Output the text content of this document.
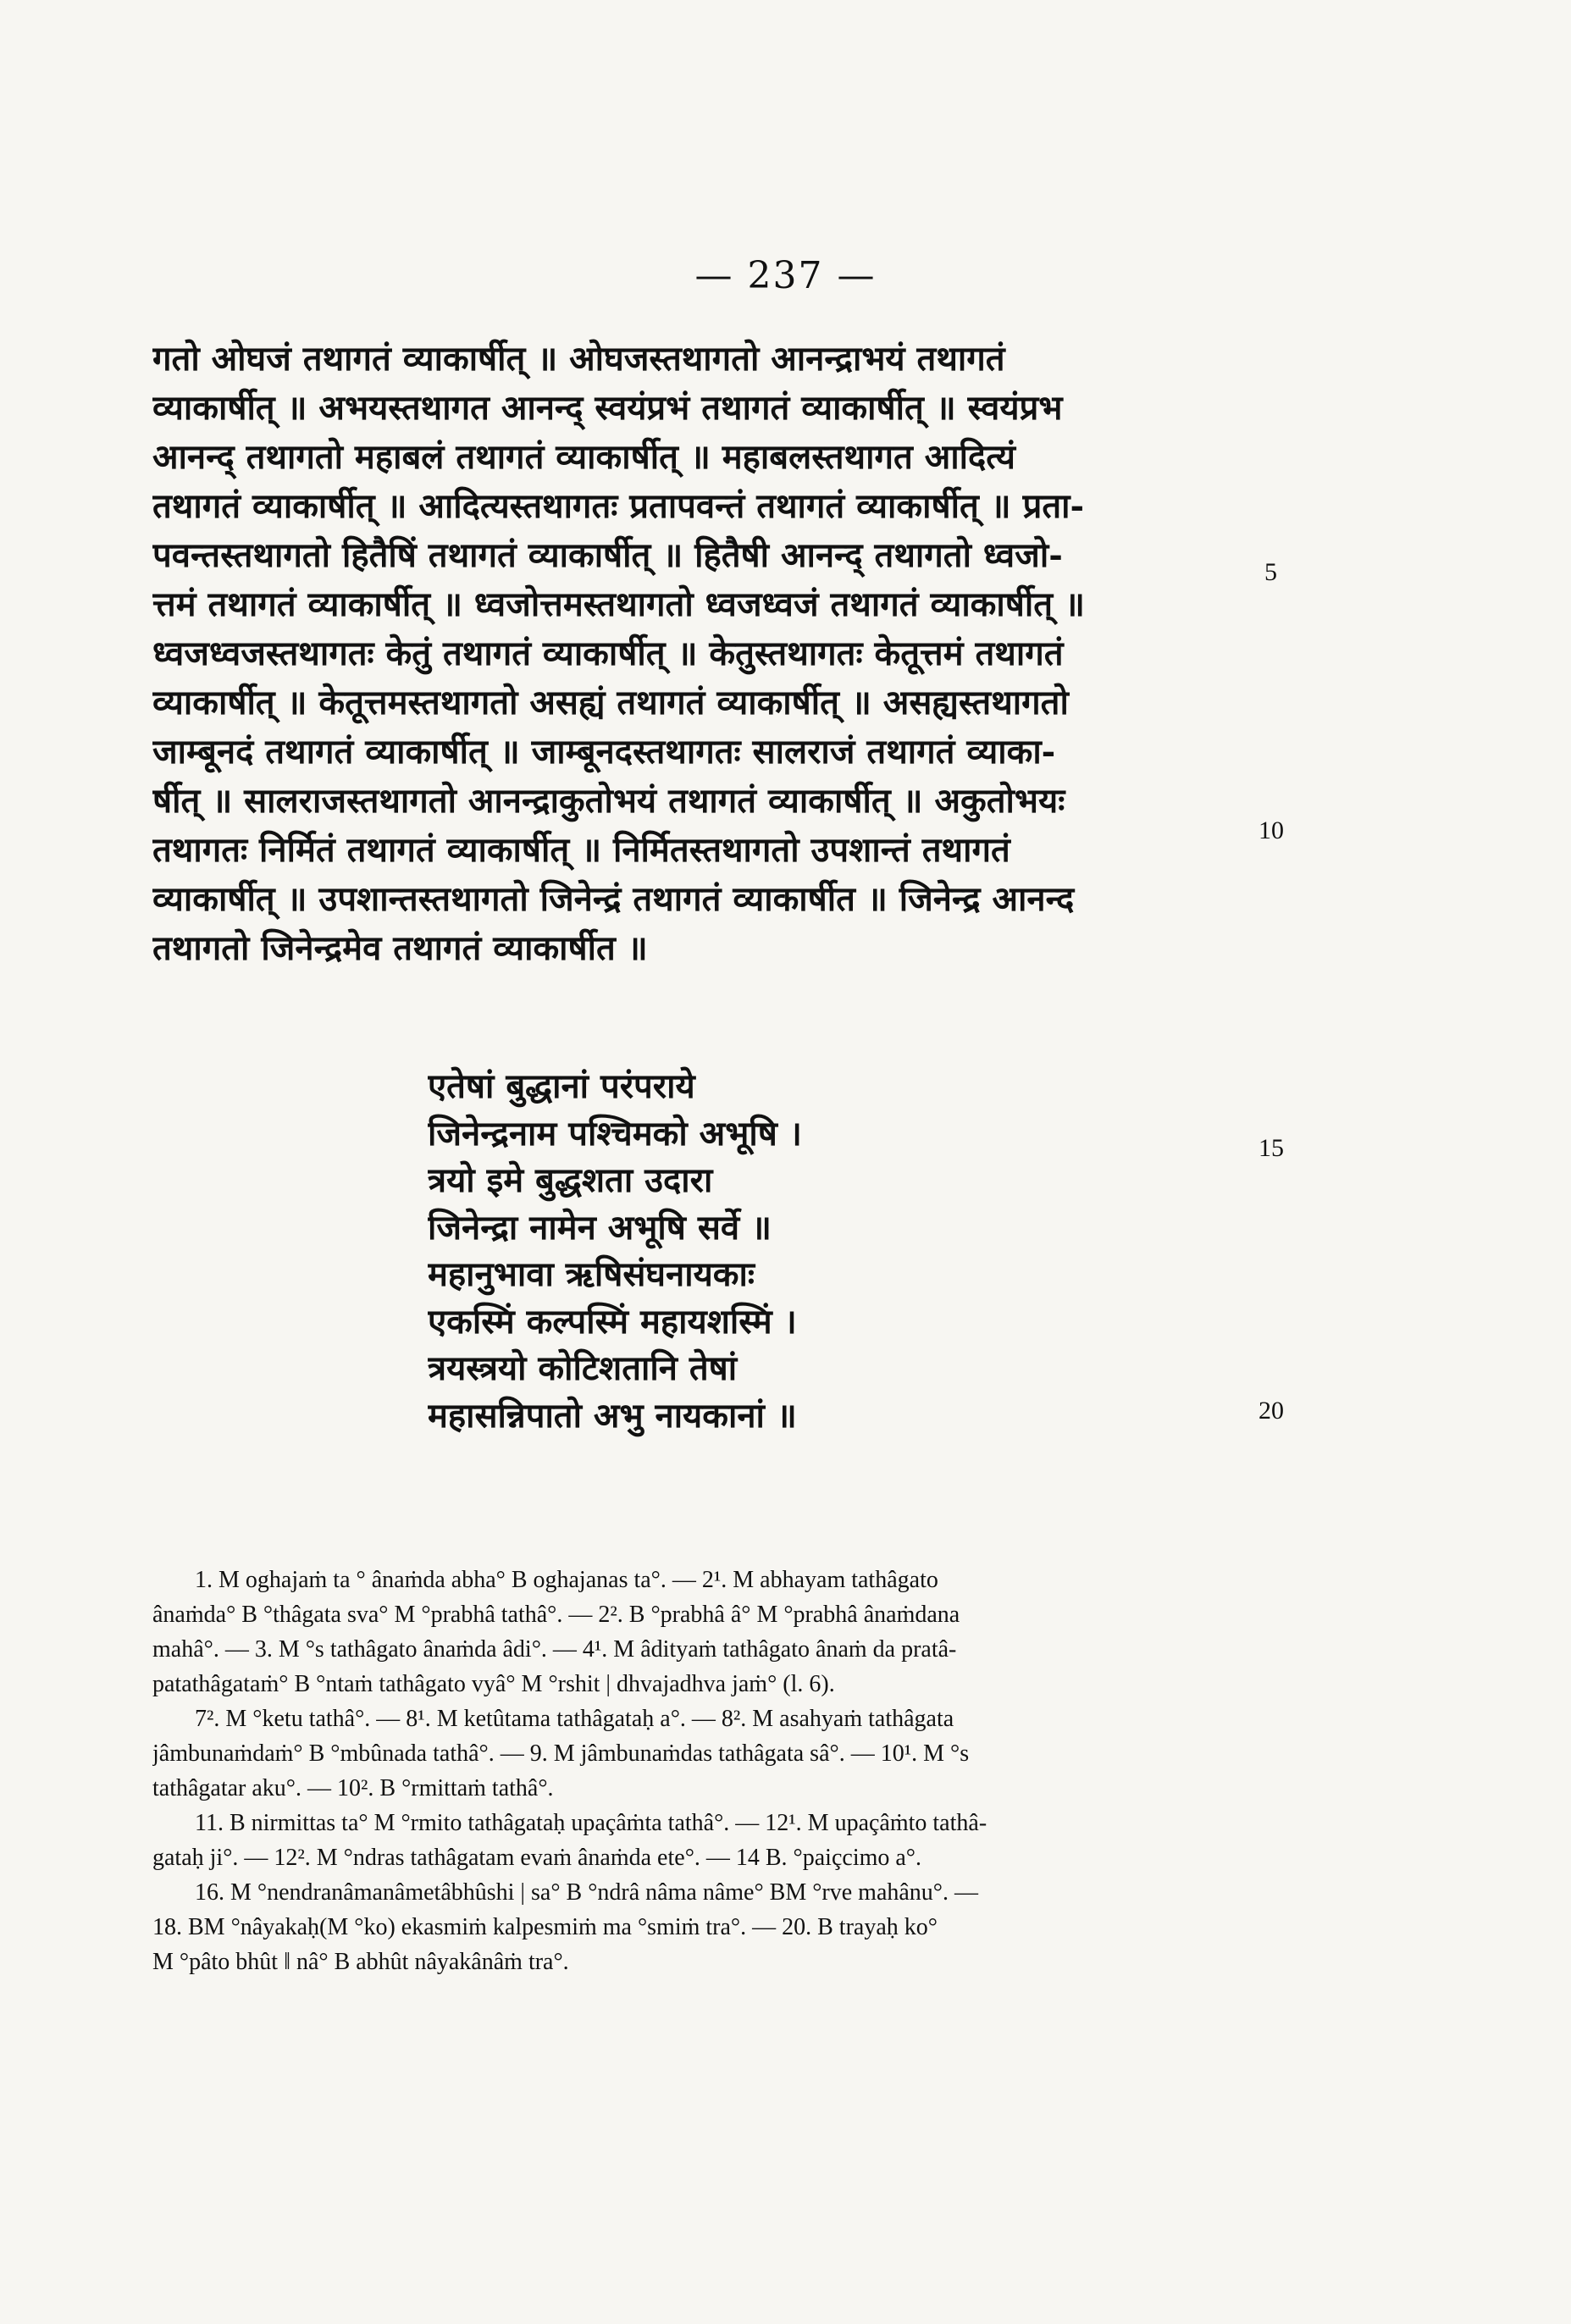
— 237 —
गतो ओघजं तथागतं व्याकार्षीत् ॥ ओघजस्तथागतो आनन्द्राभयं तथागतं
व्याकार्षीत् ॥ अभयस्तथागत आनन्द् स्वयंप्रभं तथागतं व्याकार्षीत् ॥ स्वयंप्रभ
आनन्द् तथागतो महाबलं तथागतं व्याकार्षीत् ॥ महाबलस्तथागत आदित्यं
तथागतं व्याकार्षीत् ॥ आदित्यस्तथागतः प्रतापवन्तं तथागतं व्याकार्षीत् ॥ प्रता-
पवन्तस्तथागतो हितैषिं तथागतं व्याकार्षीत् ॥ हितैषी आनन्द् तथागतो ध्वजो-
त्तमं तथागतं व्याकार्षीत् ॥ ध्वजोत्तमस्तथागतो ध्वजध्वजं तथागतं व्याकार्षीत् ॥
ध्वजध्वजस्तथागतः केतुं तथागतं व्याकार्षीत् ॥ केतुस्तथागतः केतूत्तमं तथागतं
व्याकार्षीत् ॥ केतूत्तमस्तथागतो असह्यं तथागतं व्याकार्षीत् ॥ असह्यस्तथागतो
जाम्बूनदं तथागतं व्याकार्षीत् ॥ जाम्बूनदस्तथागतः सालराजं तथागतं व्याका-
र्षीत् ॥ सालराजस्तथागतो आनन्द्राकुतोभयं तथागतं व्याकार्षीत् ॥ अकुतोभयः
तथागतः निर्मितं तथागतं व्याकार्षीत् ॥ निर्मितस्तथागतो उपशान्तं तथागतं
व्याकार्षीत् ॥ उपशान्तस्तथागतो जिनेन्द्रं तथागतं व्याकार्षीत ॥ जिनेन्द्र आनन्द
तथागतो जिनेन्द्रमेव तथागतं व्याकार्षीत ॥
5
10
एतेषां बुद्धानां परंपराये
जिनेन्द्रनाम पश्चिमको अभूषि ।
त्रयो इमे बुद्धशता उदारा
जिनेन्द्रा नामेन अभूषि सर्वे ॥
महानुभावा ऋषिसंघनायकाः
एकस्मिं कल्पस्मिं महायशस्मिं ।
त्रयस्त्रयो कोटिशतानि तेषां
महासन्निपातो अभु नायकानां ॥
15
20
1. M oghajaṁ ta ° ânaṁda abha° B oghajanas ta°. — 2¹. M abhayam tathâgato
ânaṁda° B °thâgata sva° M °prabhâ tathâ°. — 2². B °prabhâ â° M °prabhâ ânaṁdana
mahâ°. — 3. M °s tathâgato ânaṁda âdi°. — 4¹. M âdityaṁ tathâgato ânaṁ da pratâ-
patathâgataṁ° B °ntaṁ tathâgato vyâ° M °rshit | dhvajadhva jaṁ° (l. 6).
7². M °ketu tathâ°. — 8¹. M ketûtama tathâgataḥ a°. — 8². M asahyaṁ tathâgata
jâmbunaṁdaṁ° B °mbûnada tathâ°. — 9. M jâmbunaṁdas tathâgata sâ°. — 10¹. M °s
tathâgatar aku°. — 10². B °rmittaṁ tathâ°.
11. B nirmittas ta° M °rmito tathâgataḥ upaçâṁta tathâ°. — 12¹. M upaçâṁto tathâ-
gataḥ ji°. — 12². M °ndras tathâgatam evaṁ ânaṁda ete°. — 14 B. °paiçcimo a°.
16. M °nendranâmanâmetâbhûshi | sa° B °ndrâ nâma nâme° BM °rve mahânu°. —
18. BM °nâyakaḥ(M °ko) ekasmiṁ kalpesmiṁ ma °smiṁ tra°. — 20. B trayaḥ ko°
M °pâto bhût ‖ nâ° B abhût nâyakânâṁ tra°.
